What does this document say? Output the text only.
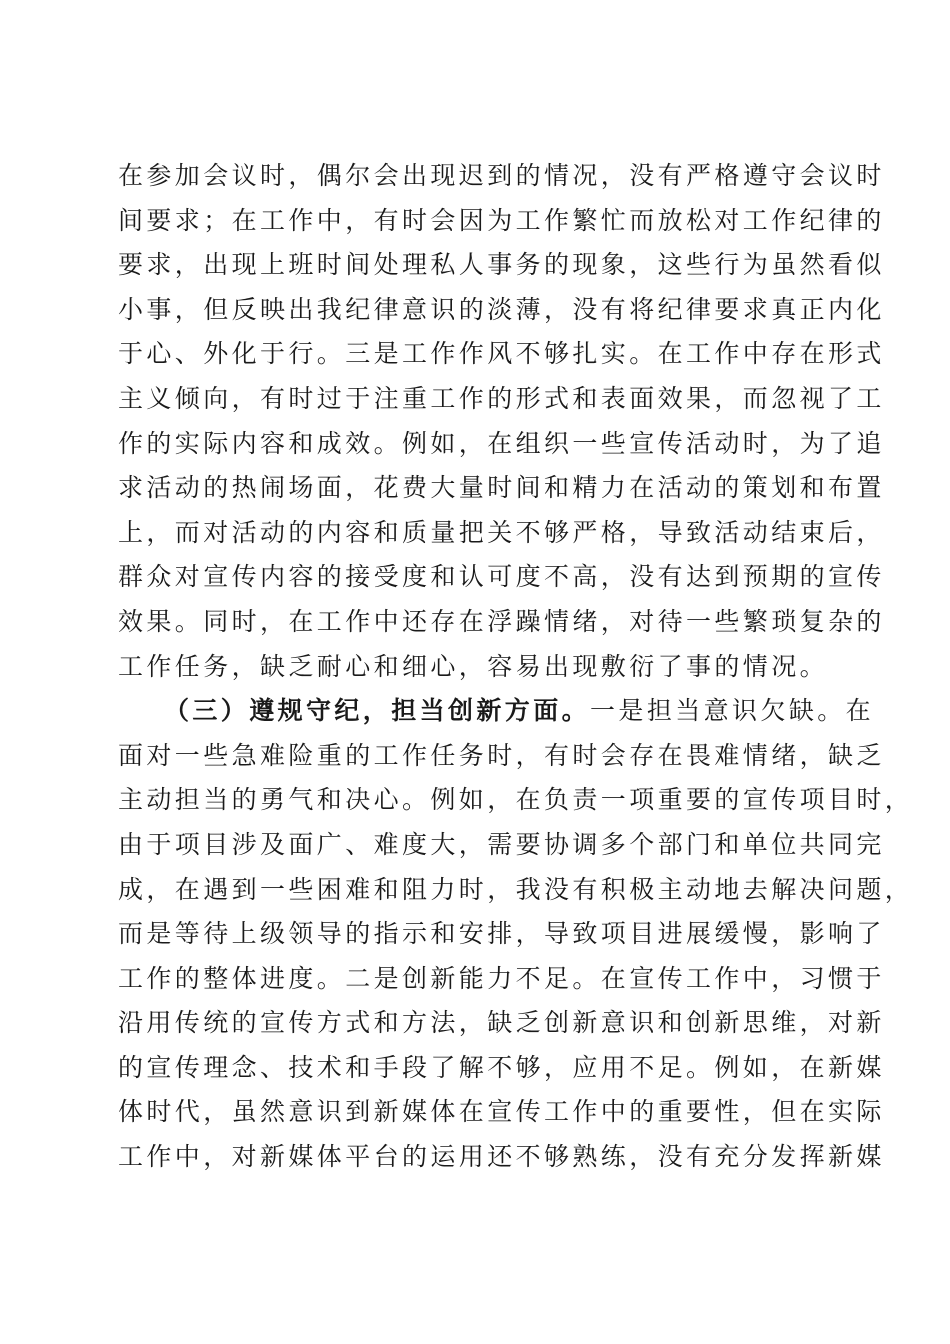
在参加会议时，偶尔会出现迟到的情况，没有严格遵守会议时
间要求；在工作中，有时会因为工作繁忙而放松对工作纪律的
要求，出现上班时间处理私人事务的现象，这些行为虽然看似
小事，但反映出我纪律意识的淡薄，没有将纪律要求真正内化
于心、外化于行。三是工作作风不够扎实。在工作中存在形式
主义倾向，有时过于注重工作的形式和表面效果，而忽视了工
作的实际内容和成效。例如，在组织一些宣传活动时，为了追
求活动的热闹场面，花费大量时间和精力在活动的策划和布置
上，而对活动的内容和质量把关不够严格，导致活动结束后，
群众对宣传内容的接受度和认可度不高，没有达到预期的宣传
效果。同时，在工作中还存在浮躁情绪，对待一些繁琐复杂的
工作任务，缺乏耐心和细心，容易出现敷衍了事的情况。
（三）遵规守纪，担当创新方面。一是担当意识欠缺。在
面对一些急难险重的工作任务时，有时会存在畏难情绪，缺乏
主动担当的勇气和决心。例如，在负责一项重要的宣传项目时，
由于项目涉及面广、难度大，需要协调多个部门和单位共同完
成，在遇到一些困难和阻力时，我没有积极主动地去解决问题，
而是等待上级领导的指示和安排，导致项目进展缓慢，影响了
工作的整体进度。二是创新能力不足。在宣传工作中，习惯于
沿用传统的宣传方式和方法，缺乏创新意识和创新思维，对新
的宣传理念、技术和手段了解不够，应用不足。例如，在新媒
体时代，虽然意识到新媒体在宣传工作中的重要性，但在实际
工作中，对新媒体平台的运用还不够熟练，没有充分发挥新媒
